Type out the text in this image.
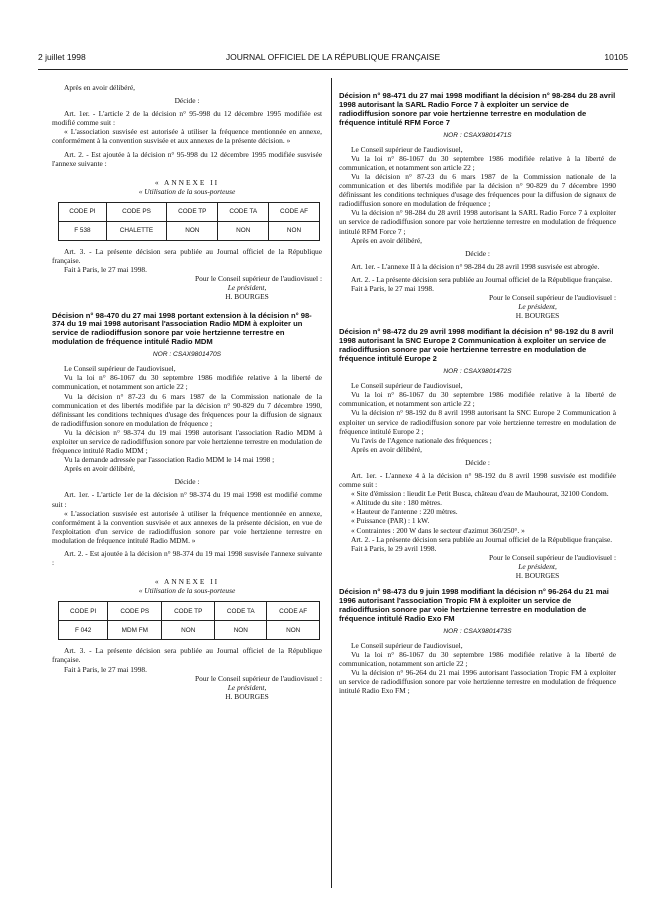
2 juillet 1998	JOURNAL OFFICIEL DE LA RÉPUBLIQUE FRANÇAISE	10105

Après en avoir délibéré,

Décide :

Art. 1er. - L'article 2 de la décision n° 95-998 du 12 décembre 1995 modifiée est modifié comme suit :

« L'association susvisée est autorisée à utiliser la fréquence mentionnée en annexe, conformément à la convention susvisée et aux annexes de la présente décision. »

Art. 2. - Est ajoutée à la décision n° 95-998 du 12 décembre 1995 modifiée susvisée l'annexe suivante :

« ANNEXE II

« Utilisation de la sous-porteuse

CODE PI	CODE PS	CODE TP	CODE TA	CODE AF
F 538	CHALETTE	NON	NON	NON

Art. 3. - La présente décision sera publiée au Journal officiel de la République française.

Fait à Paris, le 27 mai 1998.

Pour le Conseil supérieur de l'audiovisuel :

Le président,

H. BOURGES

Décision n° 98-470 du 27 mai 1998 portant extension à la décision n° 98-374 du 19 mai 1998 autorisant l'association Radio MDM à exploiter un service de radiodiffusion sonore par voie hertzienne terrestre en modulation de fréquence intitulé Radio MDM

NOR : CSAX9801470S

Le Conseil supérieur de l'audiovisuel,

Vu la loi n° 86-1067 du 30 septembre 1986 modifiée relative à la liberté de communication, et notamment son article 22 ;

Vu la décision n° 87-23 du 6 mars 1987 de la Commission nationale de la communication et des libertés modifiée par la décision n° 90-829 du 7 décembre 1990, définissant les conditions techniques d'usage des fréquences pour la diffusion de signaux de radiodiffusion sonore en modulation de fréquence ;

Vu la décision n° 98-374 du 19 mai 1998 autorisant l'association Radio MDM à exploiter un service de radiodiffusion sonore par voie hertzienne terrestre en modulation de fréquence intitulé Radio MDM ;

Vu la demande adressée par l'association Radio MDM le 14 mai 1998 ;

Après en avoir délibéré,

Décide :

Art. 1er. - L'article 1er de la décision n° 98-374 du 19 mai 1998 est modifié comme suit :

« L'association susvisée est autorisée à utiliser la fréquence mentionnée en annexe, conformément à la convention susvisée et aux annexes de la présente décision, en vue de l'exploitation d'un service de radiodiffusion sonore par voie hertzienne terrestre en modulation de fréquence intitulé Radio MDM. »

Art. 2. - Est ajoutée à la décision n° 98-374 du 19 mai 1998 susvisée l'annexe suivante :

« ANNEXE II

« Utilisation de la sous-porteuse

CODE PI	CODE PS	CODE TP	CODE TA	CODE AF
F 042	MDM FM	NON	NON	NON

Art. 3. - La présente décision sera publiée au Journal officiel de la République française.

Fait à Paris, le 27 mai 1998.

Pour le Conseil supérieur de l'audiovisuel :

Le président,

H. BOURGES

Décision n° 98-471 du 27 mai 1998 modifiant la décision n° 98-284 du 28 avril 1998 autorisant la SARL Radio Force 7 à exploiter un service de radiodiffusion sonore par voie hertzienne terrestre en modulation de fréquence intitulé RFM Force 7

NOR : CSAX9801471S

Le Conseil supérieur de l'audiovisuel,

Vu la loi n° 86-1067 du 30 septembre 1986 modifiée relative à la liberté de communication, et notamment son article 22 ;

Vu la décision n° 87-23 du 6 mars 1987 de la Commission nationale de la communication et des libertés modifiée par la décision n° 90-829 du 7 décembre 1990 définissant les conditions techniques d'usage des fréquences pour la diffusion de signaux de radiodiffusion sonore en modulation de fréquence ;

Vu la décision n° 98-284 du 28 avril 1998 autorisant la SARL Radio Force 7 à exploiter un service de radiodiffusion sonore par voie hertzienne terrestre en modulation de fréquence intitulé RFM Force 7 ;

Après en avoir délibéré,

Décide :

Art. 1er. - L'annexe II à la décision n° 98-284 du 28 avril 1998 susvisée est abrogée.

Art. 2. - La présente décision sera publiée au Journal officiel de la République française.

Fait à Paris, le 27 mai 1998.

Pour le Conseil supérieur de l'audiovisuel :

Le président,

H. BOURGES

Décision n° 98-472 du 29 avril 1998 modifiant la décision n° 98-192 du 8 avril 1998 autorisant la SNC Europe 2 Communication à exploiter un service de radiodiffusion sonore par voie hertzienne terrestre en modulation de fréquence intitulé Europe 2

NOR : CSAX9801472S

Le Conseil supérieur de l'audiovisuel,

Vu la loi n° 86-1067 du 30 septembre 1986 modifiée relative à la liberté de communication, et notamment son article 22 ;

Vu la décision n° 98-192 du 8 avril 1998 autorisant la SNC Europe 2 Communication à exploiter un service de radiodiffusion sonore par voie hertzienne terrestre en modulation de fréquence intitulé Europe 2 ;

Vu l'avis de l'Agence nationale des fréquences ;

Après en avoir délibéré,

Décide :

Art. 1er. - L'annexe 4 à la décision n° 98-192 du 8 avril 1998 susvisée est modifiée comme suit :

« Site d'émission : lieudit Le Petit Busca, château d'eau de Mauhourat, 32100 Condom.

« Altitude du site : 180 mètres.

« Hauteur de l'antenne : 220 mètres.

« Puissance (PAR) : 1 kW.

« Contraintes : 200 W dans le secteur d'azimut 360/250°. »

Art. 2. - La présente décision sera publiée au Journal officiel de la République française.

Fait à Paris, le 29 avril 1998.

Pour le Conseil supérieur de l'audiovisuel :

Le président,

H. BOURGES

Décision n° 98-473 du 9 juin 1998 modifiant la décision n° 96-264 du 21 mai 1996 autorisant l'association Tropic FM à exploiter un service de radiodiffusion sonore par voie hertzienne terrestre en modulation de fréquence intitulé Radio Exo FM

NOR : CSAX9801473S

Le Conseil supérieur de l'audiovisuel,

Vu la loi n° 86-1067 du 30 septembre 1986 modifiée relative à la liberté de communication, notamment son article 22 ;

Vu la décision n° 96-264 du 21 mai 1996 autorisant l'association Tropic FM à exploiter un service de radiodiffusion sonore par voie hertzienne terrestre en modulation de fréquence intitulé Radio Exo FM ;
